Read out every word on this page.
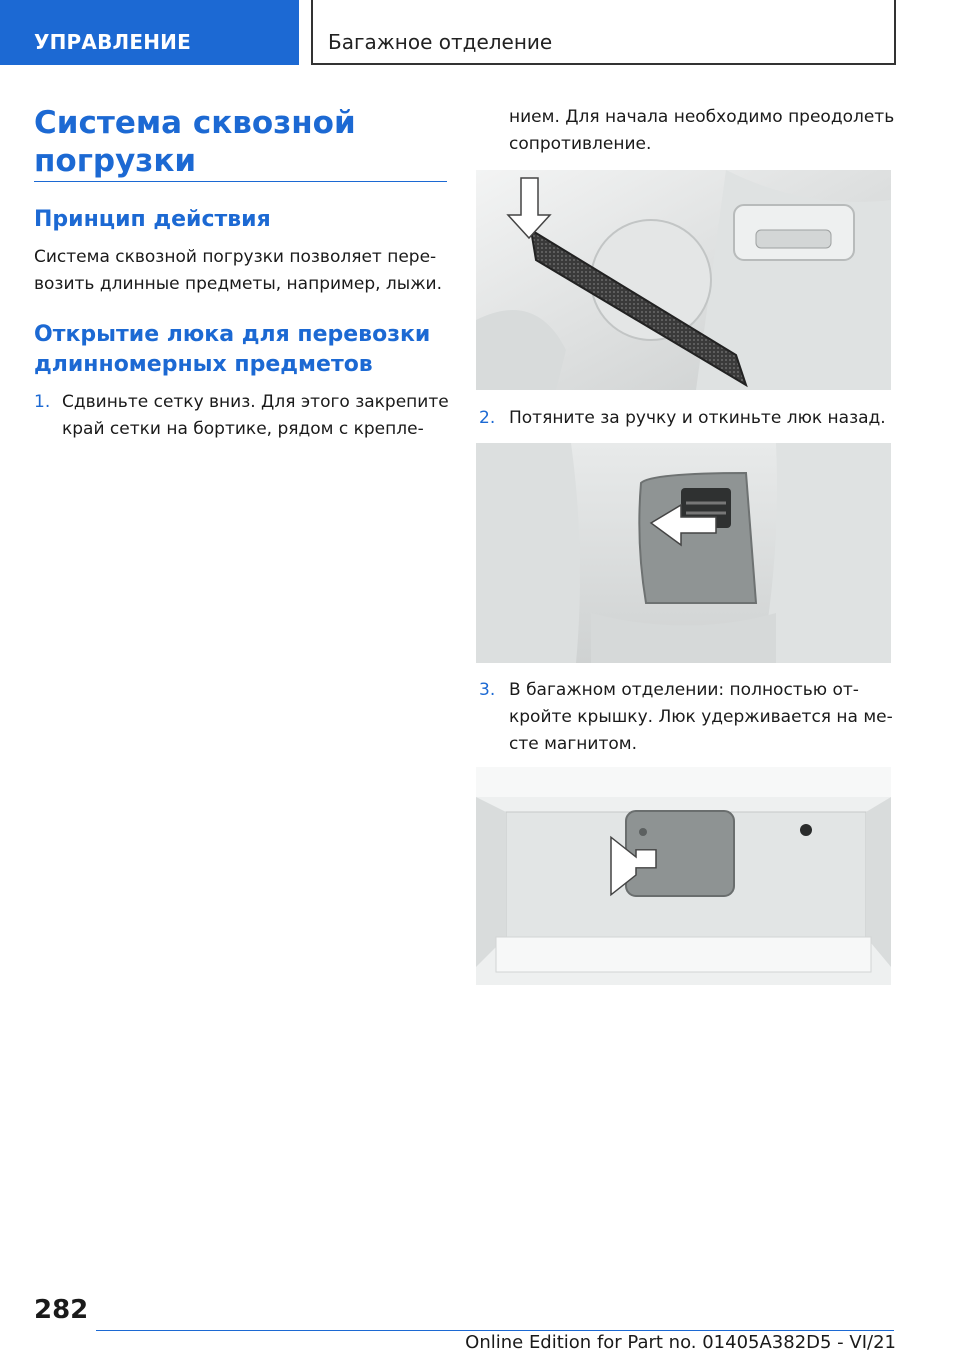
УПРАВЛЕНИЕ	Багажное отделение
Система сквозной погрузки
Принцип действия
Система сквозной погрузки позволяет пере-
возить длинные предметы, например, лыжи.
Открытие люка для перевозки длинномерных предметов
1. Сдвиньте сетку вниз. Для этого закрепите
край сетки на бортике, рядом с крепле-
нием. Для начала необходимо преодолеть
сопротивление.
2. Потяните за ручку и откиньте люк назад.
3. В багажном отделении: полностью от-
кройте крышку. Люк удерживается на ме-
сте магнитом.
282
Online Edition for Part no. 01405A382D5 - VI/21
